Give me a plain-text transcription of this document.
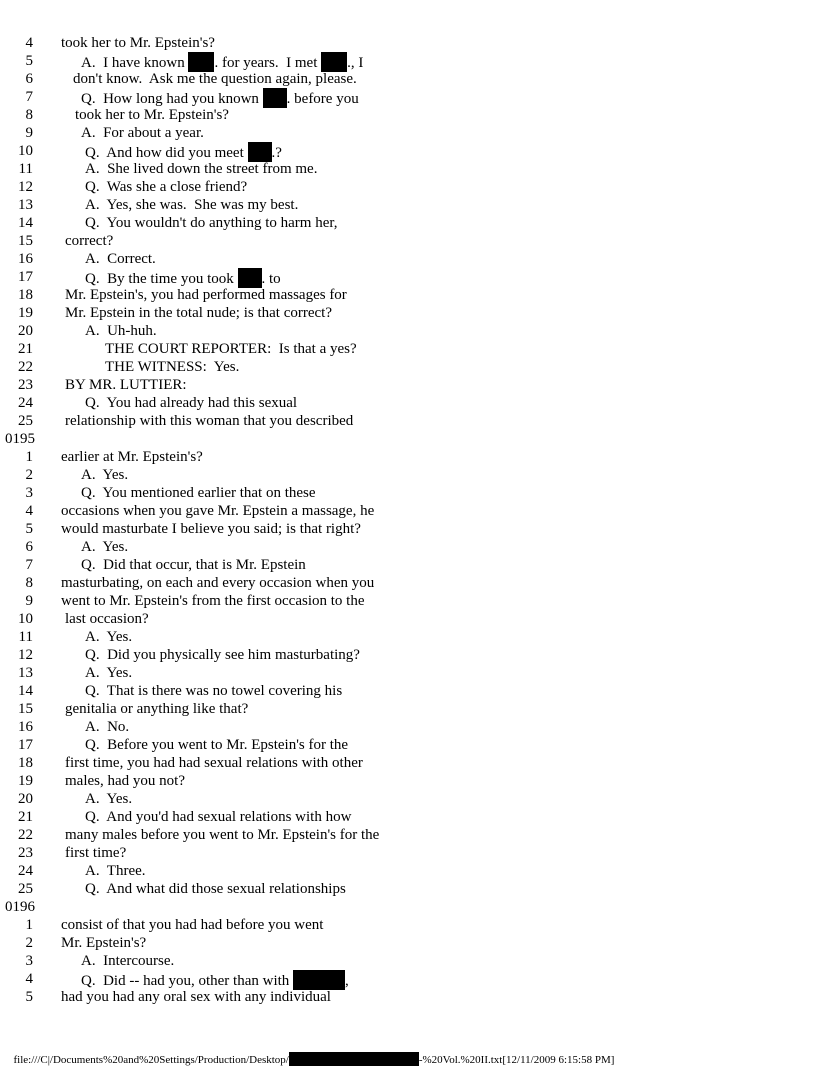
4 took her to Mr. Epstein's?
5	A.  I have known . for years.  I met ., I
6	don't know.  Ask me the question again, please.
7	Q.  How long had you known . before you
8	took her to Mr. Epstein's?
9	A.  For about a year.
10	Q.  And how did you meet .?
11	A.  She lived down the street from me.
12	Q.  Was she a close friend?
13	A.  Yes, she was.  She was my best.
14	Q.  You wouldn't do anything to harm her,
15 correct?
16	A.  Correct.
17	Q.  By the time you took . to
18 Mr. Epstein's, you had performed massages for
19 Mr. Epstein in the total nude; is that correct?
20	A.  Uh-huh.
21	THE COURT REPORTER:  Is that a yes?
22	THE WITNESS:  Yes.
23 BY MR. LUTTIER:
24	Q.  You had already had this sexual
25 relationship with this woman that you described
0195
1 earlier at Mr. Epstein's?
2	A.  Yes.
3	Q.  You mentioned earlier that on these
4 occasions when you gave Mr. Epstein a massage, he
5 would masturbate I believe you said; is that right?
6	A.  Yes.
7	Q.  Did that occur, that is Mr. Epstein
8 masturbating, on each and every occasion when you
9 went to Mr. Epstein's from the first occasion to the
10 last occasion?
11	A.  Yes.
12	Q.  Did you physically see him masturbating?
13	A.  Yes.
14	Q.  That is there was no towel covering his
15 genitalia or anything like that?
16	A.  No.
17	Q.  Before you went to Mr. Epstein's for the
18 first time, you had had sexual relations with other
19 males, had you not?
20	A.  Yes.
21	Q.  And you'd had sexual relations with how
22 many males before you went to Mr. Epstein's for the
23 first time?
24	A.  Three.
25	Q.  And what did those sexual relationships
0196
1 consist of that you had had before you went
2 Mr. Epstein's?
3	A.  Intercourse.
4	Q.  Did -- had you, other than with	,
5 had you had any oral sex with any individual

file:///C|/Documents%20and%20Settings/Production/Desktop/	-%20Vol.%20II.txt[12/11/2009 6:15:58 PM]
